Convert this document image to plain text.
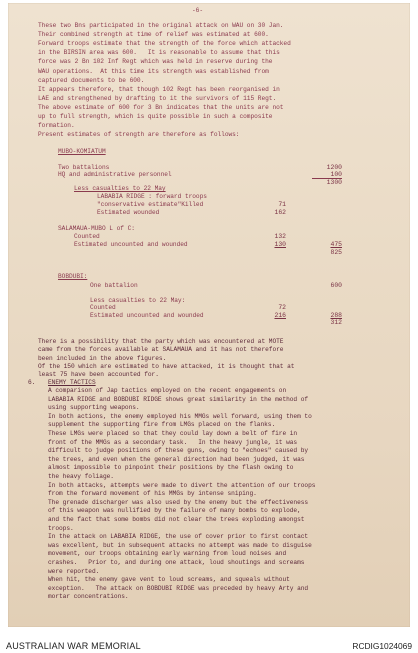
-6-
These two Bns participated in the original attack on WAU on 30 Jan.
Their combined strength at time of relief was estimated at 600.
Forward troops estimate that the strength of the force which attacked
in the BIRSIN area was 600.   It is reasonable to assume that this
force was 2 Bn 102 Inf Regt which was held in reserve during the
WAU operations.  At this time its strength was established from
captured documents to be 600.
It appears therefore, that though 102 Regt has been reorganised in
LAE and strengthened by drafting to it the survivors of 115 Regt.
The above estimate of 600 for 3 Bn indicates that the units are not
up to full strength, which is quite possible in such a composite
formation.
Present estimates of strength are therefore as follows:
MUBO-KOMIATUM
Two battalions	1200
HQ and administrative personnel	100
1300
Less casualties to 22 May
LABABIA RIDGE : forward troops
"conservative estimate"Killed	71
Estimated wounded	162
SALAMAUA-MUBO L of C:
Counted	132
Estimated uncounted and wounded	130	475
825
BOBDUBI:
One battalion	600
Less casualties to 22 May:
Counted	72
Estimated uncounted and wounded	216	288
312
There is a possibility that the party which was encountered at MOTE
came from the forces available at SALAMAUA and it has not therefore
been included in the above figures.
Of the 150 which are estimated to have attacked, it is thought that at
least 75 have been accounted for.
6. ENEMY TACTICS
A comparison of Jap tactics employed on the recent engagements on
LABABIA RIDGE and BOBDUBI RIDGE shows great similarity in the method of
using supporting weapons.
In both actions, the enemy employed his MMGs well forward, using them to
supplement the supporting fire from LMGs placed on the flanks.
These LMGs were placed so that they could lay down a belt of fire in
front of the MMGs as a secondary task.   In the heavy jungle, it was
difficult to judge positions of these guns, owing to "echoes" caused by
the trees, and even when the general direction had been judged, it was
almost impossible to pinpoint their positions by the flash owing to
the heavy foliage.
In both attacks, attempts were made to divert the attention of our troops
from the forward movement of his MMGs by intense sniping.
The grenade discharger was also used by the enemy but the effectiveness
of this weapon was nullified by the failure of many bombs to explode,
and the fact that some bombs did not clear the trees exploding amongst
troops.
In the attack on LABABIA RIDGE, the use of cover prior to first contact
was excellent, but in subsequent attacks no attempt was made to disguise
movement, our troops obtaining early warning from loud noises and
crashes.   Prior to, and during one attack, loud shoutings and screams
were reported.
When hit, the enemy gave vent to loud screams, and squeals without
exception.   The attack on BOBDUBI RIDGE was preceded by heavy Arty and
mortar concentrations.
AUSTRALIAN WAR MEMORIAL	RCDIG1024069
